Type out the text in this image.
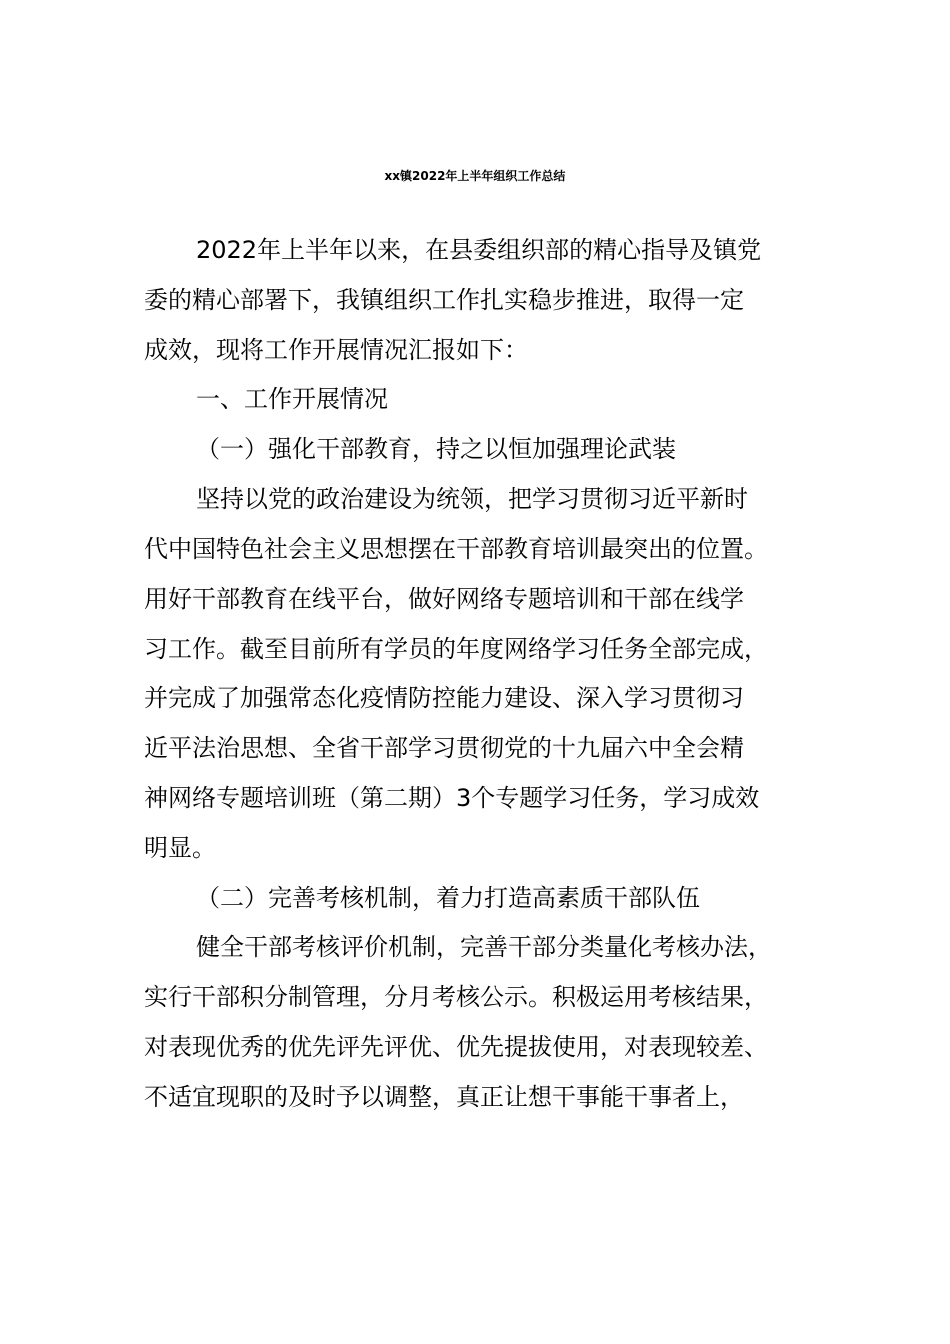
xx镇2022年上半年组织工作总结
2022年上半年以来，在县委组织部的精心指导及镇党
委的精心部署下，我镇组织工作扎实稳步推进，取得一定
成效，现将工作开展情况汇报如下：
一、工作开展情况
（一）强化干部教育，持之以恒加强理论武装
坚持以党的政治建设为统领，把学习贯彻习近平新时
代中国特色社会主义思想摆在干部教育培训最突出的位置。
用好干部教育在线平台，做好网络专题培训和干部在线学
习工作。截至目前所有学员的年度网络学习任务全部完成，
并完成了加强常态化疫情防控能力建设、深入学习贯彻习
近平法治思想、全省干部学习贯彻党的十九届六中全会精
神网络专题培训班（第二期）3个专题学习任务，学习成效
明显。
（二）完善考核机制，着力打造高素质干部队伍
健全干部考核评价机制，完善干部分类量化考核办法，
实行干部积分制管理，分月考核公示。积极运用考核结果，
对表现优秀的优先评先评优、优先提拔使用，对表现较差、
不适宜现职的及时予以调整，真正让想干事能干事者上，
